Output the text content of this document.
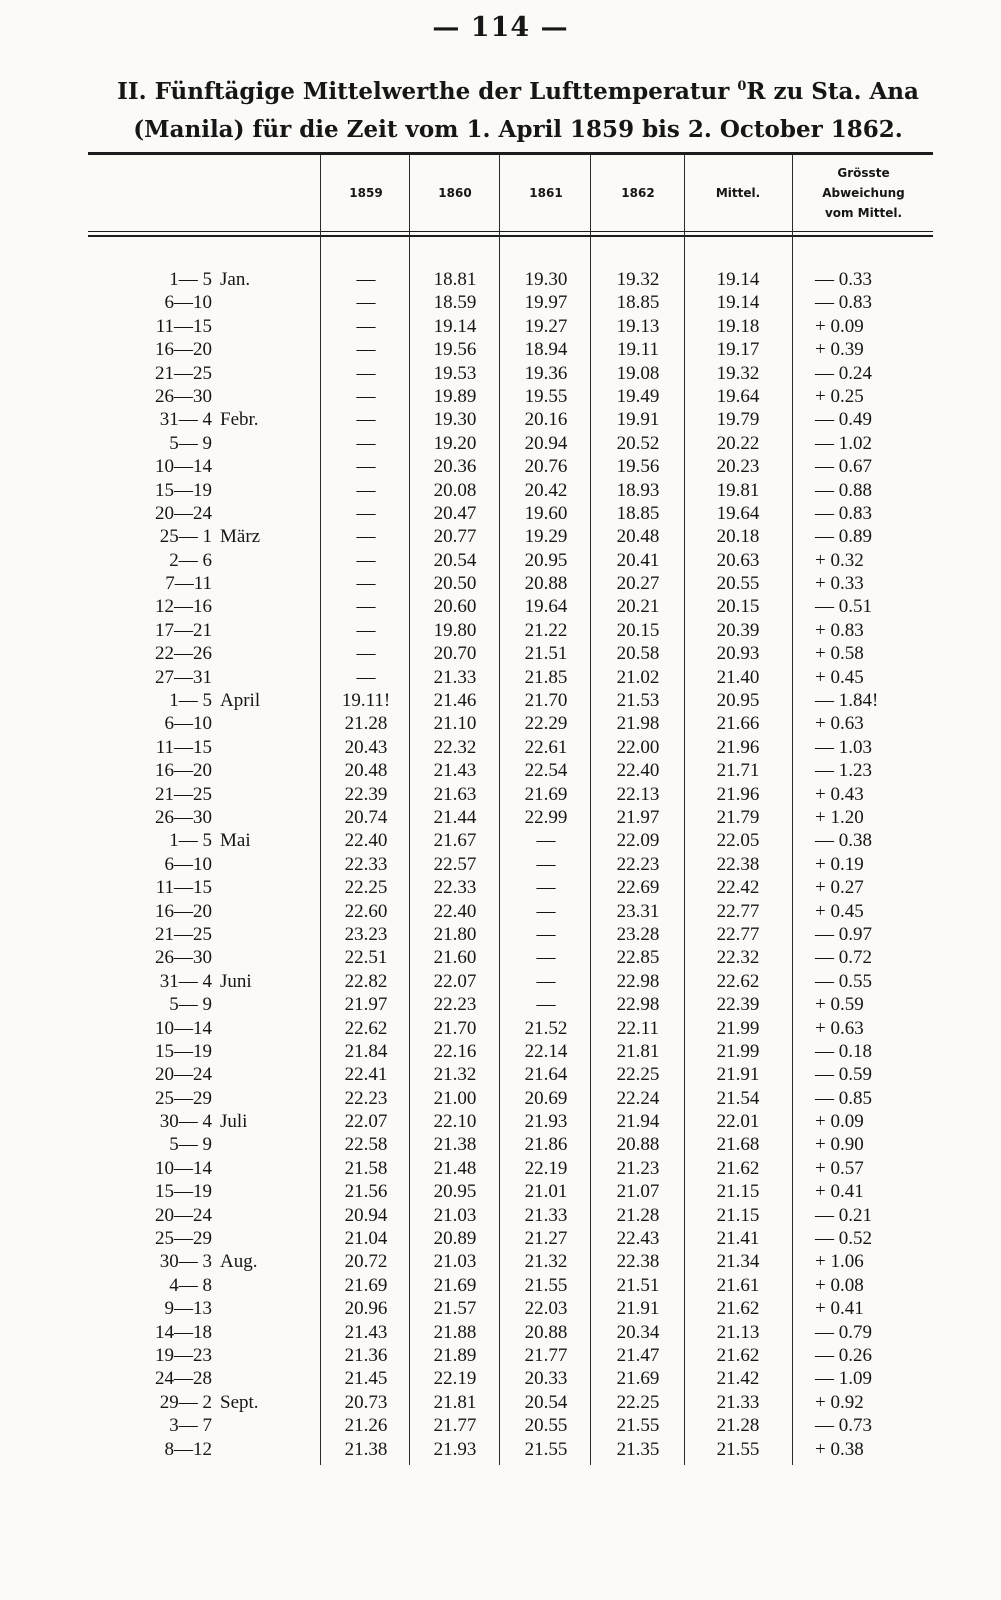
— 114 —
II. Fünftägige Mittelwerthe der Lufttemperatur $^0$R zu Sta. Ana
(Manila) für die Zeit vom 1. April 1859 bis 2. October 1862.
1859	1860	1861	1862	Mittel.
Grösste
Abweichung
vom Mittel.
1— 5 Jan.	—	18.81	19.30	19.32	19.14	— 0.33
6—10	—	18.59	19.97	18.85	19.14	— 0.83
11—15	—	19.14	19.27	19.13	19.18	+ 0.09
16—20	—	19.56	18.94	19.11	19.17	+ 0.39
21—25	—	19.53	19.36	19.08	19.32	— 0.24
26—30	—	19.89	19.55	19.49	19.64	+ 0.25
31— 4 Febr.	—	19.30	20.16	19.91	19.79	— 0.49
5— 9	—	19.20	20.94	20.52	20.22	— 1.02
10—14	—	20.36	20.76	19.56	20.23	— 0.67
15—19	—	20.08	20.42	18.93	19.81	— 0.88
20—24	—	20.47	19.60	18.85	19.64	— 0.83
25— 1 März	—	20.77	19.29	20.48	20.18	— 0.89
2— 6	—	20.54	20.95	20.41	20.63	+ 0.32
7—11	—	20.50	20.88	20.27	20.55	+ 0.33
12—16	—	20.60	19.64	20.21	20.15	— 0.51
17—21	—	19.80	21.22	20.15	20.39	+ 0.83
22—26	—	20.70	21.51	20.58	20.93	+ 0.58
27—31	—	21.33	21.85	21.02	21.40	+ 0.45
1— 5 April	19.11!	21.46	21.70	21.53	20.95	— 1.84!
6—10	21.28	21.10	22.29	21.98	21.66	+ 0.63
11—15	20.43	22.32	22.61	22.00	21.96	— 1.03
16—20	20.48	21.43	22.54	22.40	21.71	— 1.23
21—25	22.39	21.63	21.69	22.13	21.96	+ 0.43
26—30	20.74	21.44	22.99	21.97	21.79	+ 1.20
1— 5 Mai	22.40	21.67	—	22.09	22.05	— 0.38
6—10	22.33	22.57	—	22.23	22.38	+ 0.19
11—15	22.25	22.33	—	22.69	22.42	+ 0.27
16—20	22.60	22.40	—	23.31	22.77	+ 0.45
21—25	23.23	21.80	—	23.28	22.77	— 0.97
26—30	22.51	21.60	—	22.85	22.32	— 0.72
31— 4 Juni	22.82	22.07	—	22.98	22.62	— 0.55
5— 9	21.97	22.23	—	22.98	22.39	+ 0.59
10—14	22.62	21.70	21.52	22.11	21.99	+ 0.63
15—19	21.84	22.16	22.14	21.81	21.99	— 0.18
20—24	22.41	21.32	21.64	22.25	21.91	— 0.59
25—29	22.23	21.00	20.69	22.24	21.54	— 0.85
30— 4 Juli	22.07	22.10	21.93	21.94	22.01	+ 0.09
5— 9	22.58	21.38	21.86	20.88	21.68	+ 0.90
10—14	21.58	21.48	22.19	21.23	21.62	+ 0.57
15—19	21.56	20.95	21.01	21.07	21.15	+ 0.41
20—24	20.94	21.03	21.33	21.28	21.15	— 0.21
25—29	21.04	20.89	21.27	22.43	21.41	— 0.52
30— 3 Aug.	20.72	21.03	21.32	22.38	21.34	+ 1.06
4— 8	21.69	21.69	21.55	21.51	21.61	+ 0.08
9—13	20.96	21.57	22.03	21.91	21.62	+ 0.41
14—18	21.43	21.88	20.88	20.34	21.13	— 0.79
19—23	21.36	21.89	21.77	21.47	21.62	— 0.26
24—28	21.45	22.19	20.33	21.69	21.42	— 1.09
29— 2 Sept.	20.73	21.81	20.54	22.25	21.33	+ 0.92
3— 7	21.26	21.77	20.55	21.55	21.28	— 0.73
8—12	21.38	21.93	21.55	21.35	21.55	+ 0.38
